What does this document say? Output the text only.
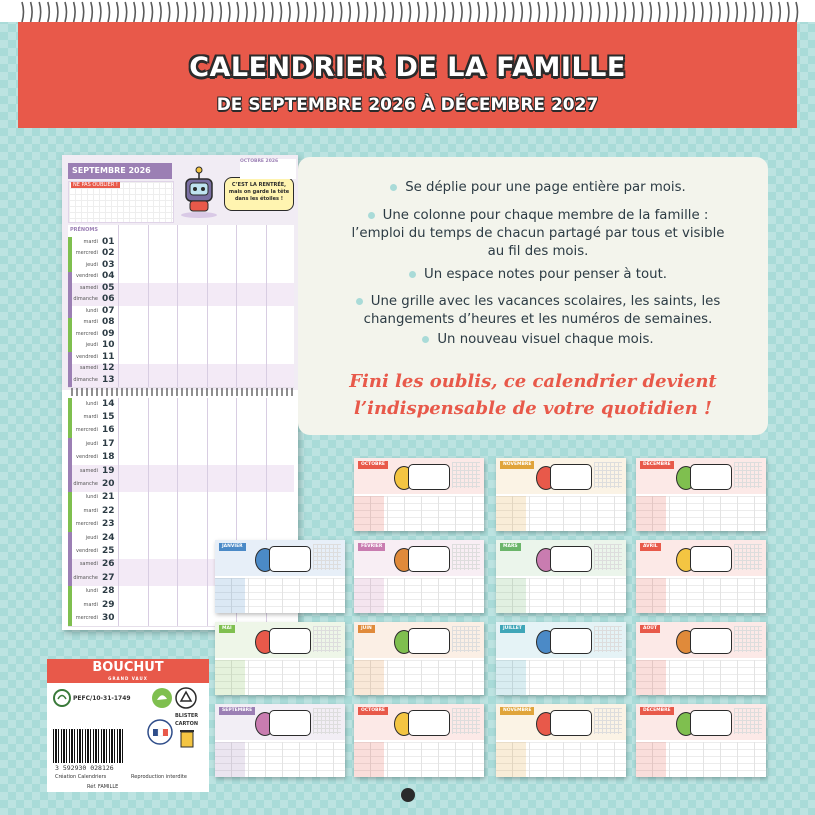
CALENDRIER DE LA FAMILLE
DE SEPTEMBRE 2026 À DÉCEMBRE 2027
SEPTEMBRE 2026
NE PAS OUBLIER !	C’EST LA RENTRÉE, mais on garde la tête dans les étoiles !
OCTOBRE 2026
PRÉNOMS
mardi 01
mercredi 02
jeudi 03
vendredi 04
samedi 05
dimanche 06
lundi 07
mardi 08
mercredi 09
jeudi 10
vendredi 11
samedi 12
dimanche 13
lundi 14
mardi 15
mercredi 16
jeudi 17
vendredi 18
samedi 19
dimanche 20
lundi 21
mardi 22
mercredi 23
jeudi 24
vendredi 25
samedi 26
dimanche 27
lundi 28
mardi 29
mercredi 30
Se déplie pour une page entière par mois.
Une colonne pour chaque membre de la famille : l’emploi du temps de chacun partagé par tous et visible au fil des mois.
Un espace notes pour penser à tout.
Une grille avec les vacances scolaires, les saints, les changements d’heures et les numéros de semaines.
Un nouveau visuel chaque mois.
Fini les oublis, ce calendrier devient
l’indispensable de votre quotidien !
OCTOBRE	NOVEMBRE	DÉCEMBRE
JANVIER	FÉVRIER	MARS	AVRIL
MAI	JUIN	JUILLET	AOÛT
SEPTEMBRE	OCTOBRE	NOVEMBRE	DÉCEMBRE
BOUCHUT
GRAND VAUX
PEFC/10-31-1749
BLISTER
CARTON
3 592930 028126
Création Calendriers	Reproduction interdite
Réf. FAMILLE
